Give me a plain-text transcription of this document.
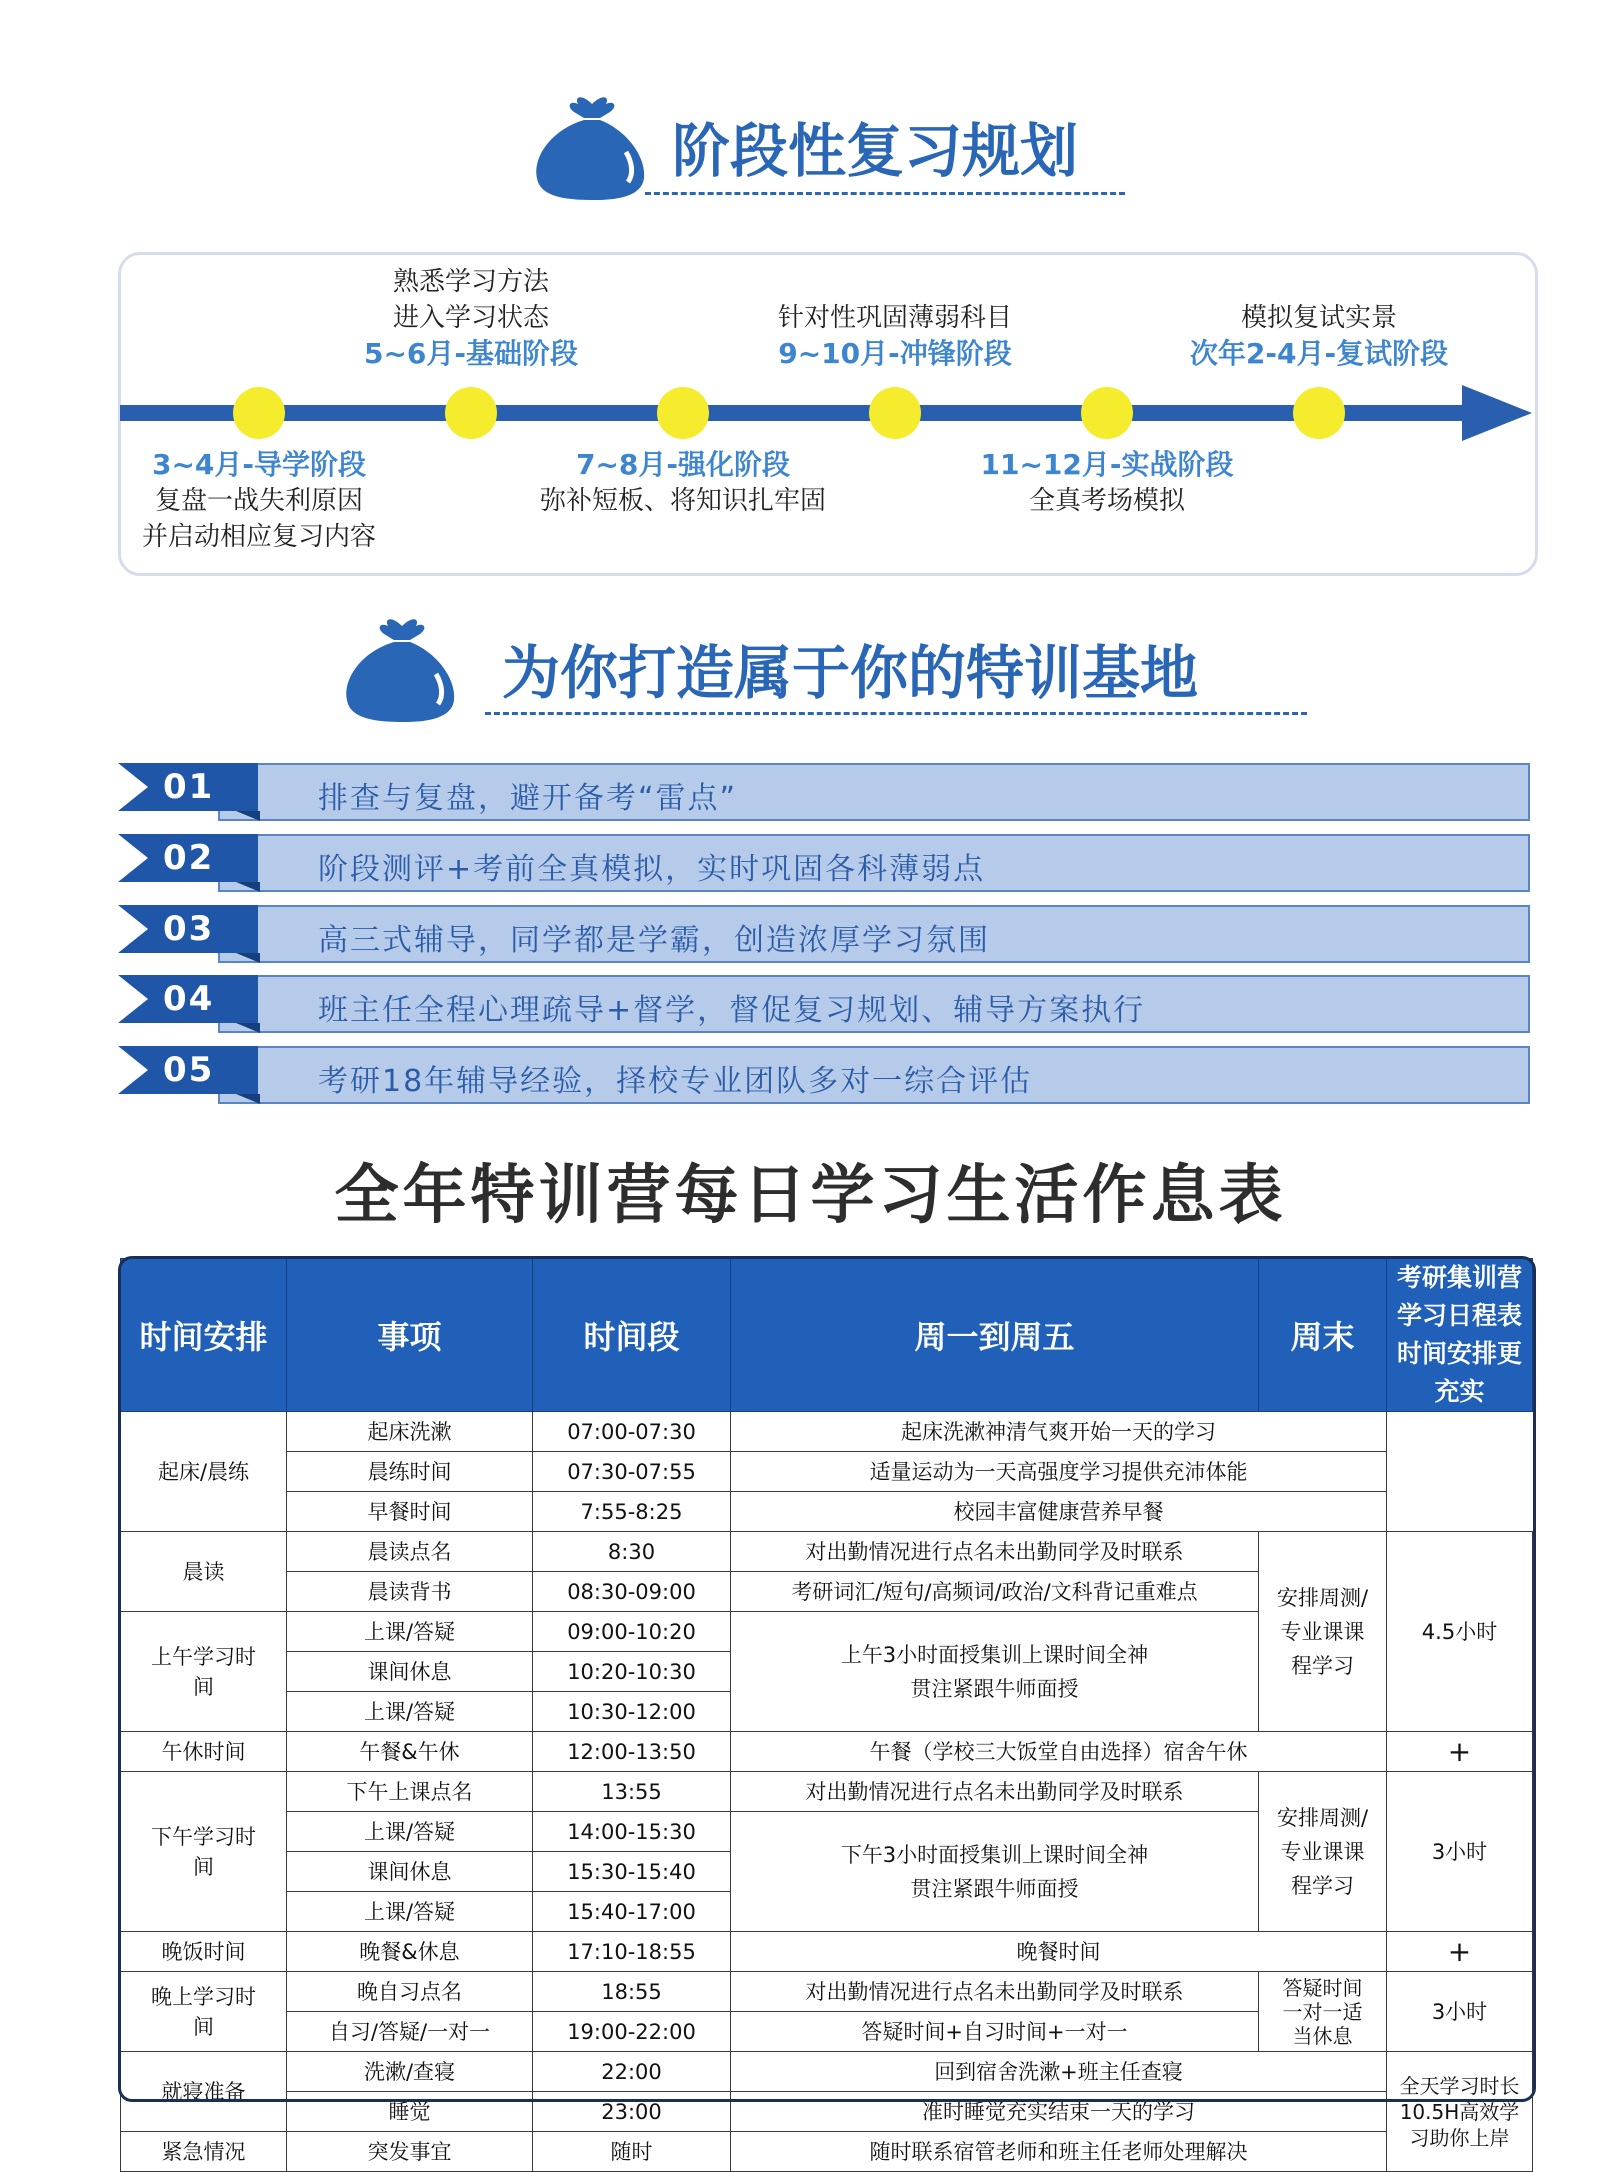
阶段性复习规划
熟悉学习方法
进入学习状态
5~6月-基础阶段
针对性巩固薄弱科目
9~10月-冲锋阶段
模拟复试实景
次年2-4月-复试阶段
3~4月-导学阶段
复盘一战失利原因
并启动相应复习内容
7~8月-强化阶段
弥补短板、将知识扎牢固
11~12月-实战阶段
全真考场模拟
为你打造属于你的特训基地
01	排查与复盘，避开备考“雷点”
02	阶段测评+考前全真模拟，实时巩固各科薄弱点
03	高三式辅导，同学都是学霸，创造浓厚学习氛围
04	班主任全程心理疏导+督学，督促复习规划、辅导方案执行
05	考研18年辅导经验，择校专业团队多对一综合评估
全年特训营每日学习生活作息表
时间安排	事项	时间段	周一到周五	周末	考研集训营学习日程表时间安排更充实
起床/晨练	起床洗漱	07:00-07:30	起床洗漱神清气爽开始一天的学习		
	晨练时间	07:30-07:55	适量运动为一天高强度学习提供充沛体能		
	早餐时间	7:55-8:25	校园丰富健康营养早餐		
晨读	晨读点名	8:30	对出勤情况进行点名未出勤同学及时联系	安排周测/专业课课程学习	4.5小时
	晨读背书	08:30-09:00	考研词汇/短句/高频词/政治/文科背记重难点		
上午学习时间	上课/答疑	09:00-10:20	上午3小时面授集训上课时间全神贯注紧跟牛师面授		
	课间休息	10:20-10:30			
	上课/答疑	10:30-12:00			
午休时间	午餐&午休	12:00-13:50	午餐（学校三大饭堂自由选择）宿舍午休		+
下午学习时间	下午上课点名	13:55	对出勤情况进行点名未出勤同学及时联系	安排周测/专业课课程学习	3小时
	上课/答疑	14:00-15:30	下午3小时面授集训上课时间全神贯注紧跟牛师面授		
	课间休息	15:30-15:40			
	上课/答疑	15:40-17:00			
晚饭时间	晚餐&休息	17:10-18:55	晚餐时间		+
晚上学习时间	晚自习点名	18:55	对出勤情况进行点名未出勤同学及时联系	答疑时间一对一适当休息	3小时
	自习/答疑/一对一	19:00-22:00	答疑时间+自习时间+一对一		
就寝准备	洗漱/查寝	22:00	回到宿舍洗漱+班主任查寝		全天学习时长10.5H高效学习助你上岸
	睡觉	23:00	准时睡觉充实结束一天的学习		
紧急情况	突发事宜	随时	随时联系宿管老师和班主任老师处理解决		
